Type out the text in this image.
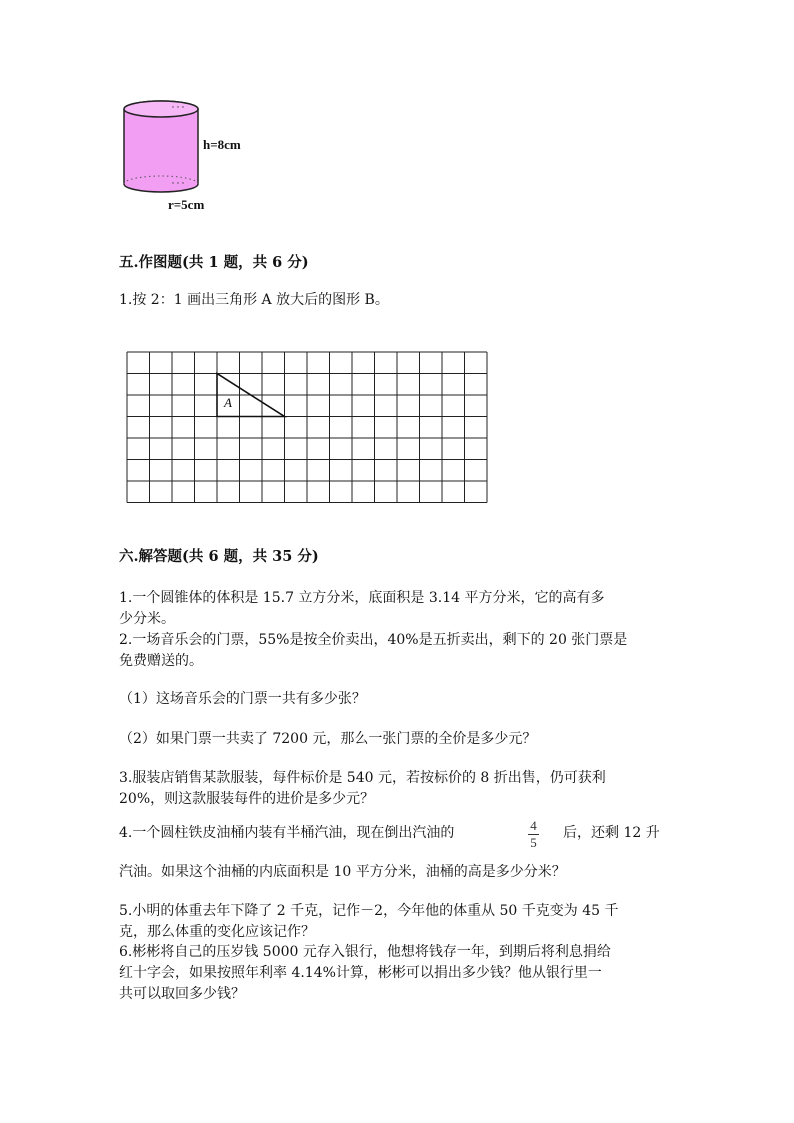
h=8cm
r=5cm
五.作图题(共 1 题，共 6 分)
1.按 2：1 画出三角形 A 放大后的图形 B。
A
六.解答题(共 6 题，共 35 分)
1.一个圆锥体的体积是 15.7 立方分米，底面积是 3.14 平方分米，它的高有多
少分米。
2.一场音乐会的门票，55%是按全价卖出，40%是五折卖出，剩下的 20 张门票是
免费赠送的。
（1）这场音乐会的门票一共有多少张？
（2）如果门票一共卖了 7200 元，那么一张门票的全价是多少元？
3.服装店销售某款服装，每件标价是 540 元，若按标价的 8 折出售，仍可获利
20%，则这款服装每件的进价是多少元？
4.一个圆柱铁皮油桶内装有半桶汽油，现在倒出汽油的	4
5
后，还剩 12 升
汽油。如果这个油桶的内底面积是 10 平方分米，油桶的高是多少分米？
5.小明的体重去年下降了 2 千克，记作－2，今年他的体重从 50 千克变为 45 千
克，那么体重的变化应该记作？
6.彬彬将自己的压岁钱 5000 元存入银行，他想将钱存一年，到期后将利息捐给
红十字会，如果按照年利率 4.14%计算，彬彬可以捐出多少钱？他从银行里一
共可以取回多少钱？
